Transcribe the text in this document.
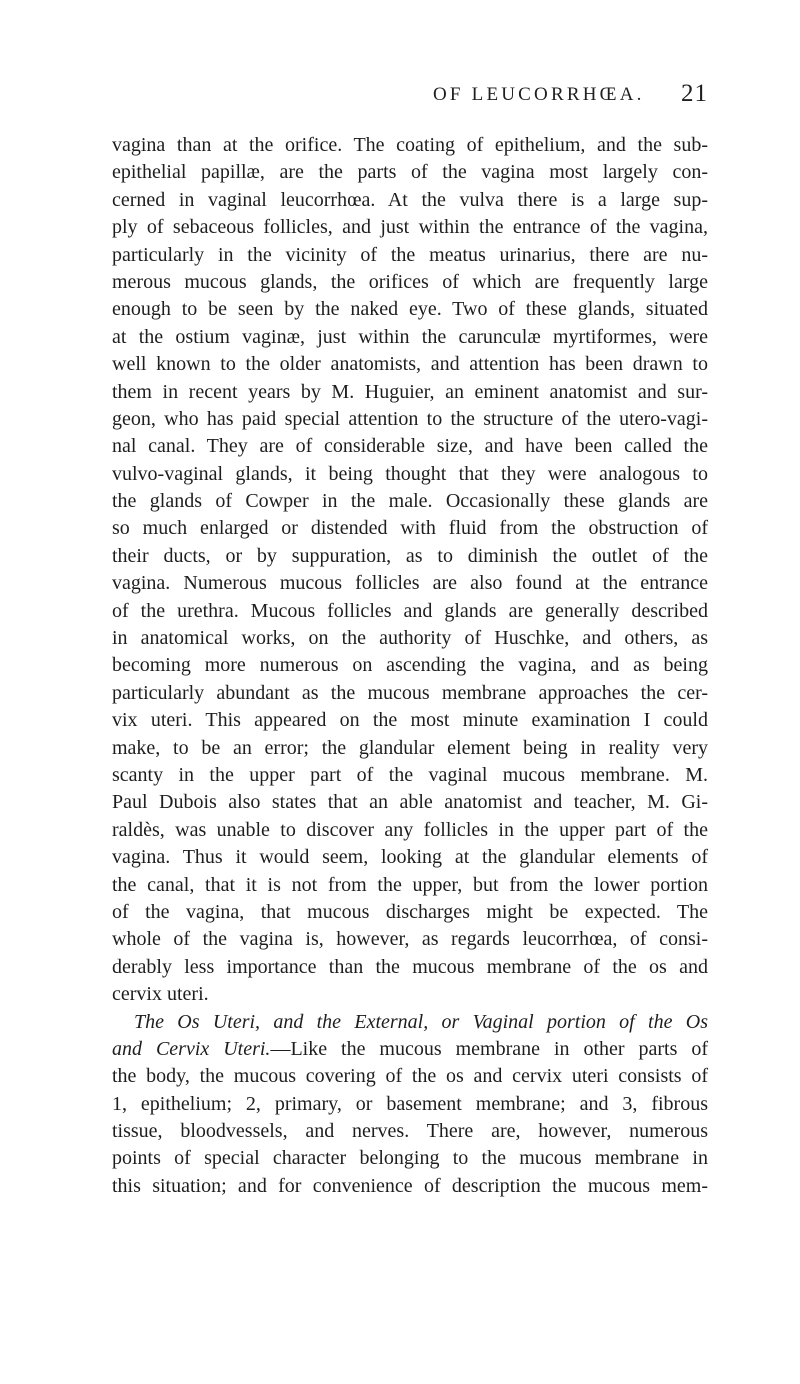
OF LEUCORRHŒA. 21
vagina than at the orifice. The coating of epithelium, and the sub-
epithelial papillæ, are the parts of the vagina most largely con-
cerned in vaginal leucorrhœa. At the vulva there is a large sup-
ply of sebaceous follicles, and just within the entrance of the vagina,
particularly in the vicinity of the meatus urinarius, there are nu-
merous mucous glands, the orifices of which are frequently large
enough to be seen by the naked eye. Two of these glands, situated
at the ostium vaginæ, just within the carunculæ myrtiformes, were
well known to the older anatomists, and attention has been drawn to
them in recent years by M. Huguier, an eminent anatomist and sur-
geon, who has paid special attention to the structure of the utero-vagi-
nal canal. They are of considerable size, and have been called the
vulvo-vaginal glands, it being thought that they were analogous to
the glands of Cowper in the male. Occasionally these glands are
so much enlarged or distended with fluid from the obstruction of
their ducts, or by suppuration, as to diminish the outlet of the
vagina. Numerous mucous follicles are also found at the entrance
of the urethra. Mucous follicles and glands are generally described
in anatomical works, on the authority of Huschke, and others, as
becoming more numerous on ascending the vagina, and as being
particularly abundant as the mucous membrane approaches the cer-
vix uteri. This appeared on the most minute examination I could
make, to be an error; the glandular element being in reality very
scanty in the upper part of the vaginal mucous membrane. M.
Paul Dubois also states that an able anatomist and teacher, M. Gi-
raldès, was unable to discover any follicles in the upper part of the
vagina. Thus it would seem, looking at the glandular elements of
the canal, that it is not from the upper, but from the lower portion
of the vagina, that mucous discharges might be expected. The
whole of the vagina is, however, as regards leucorrhœa, of consi-
derably less importance than the mucous membrane of the os and
cervix uteri.
The Os Uteri, and the External, or Vaginal portion of the Os
and Cervix Uteri.—Like the mucous membrane in other parts of
the body, the mucous covering of the os and cervix uteri consists of
1, epithelium; 2, primary, or basement membrane; and 3, fibrous
tissue, bloodvessels, and nerves. There are, however, numerous
points of special character belonging to the mucous membrane in
this situation; and for convenience of description the mucous mem-
